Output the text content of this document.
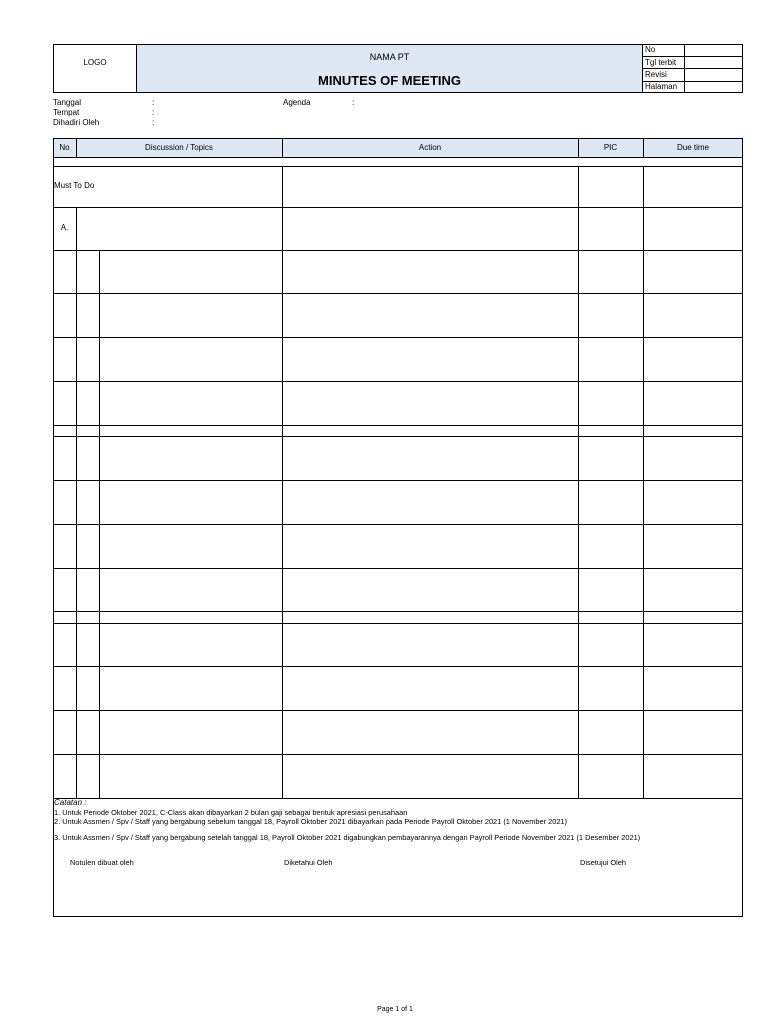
LOGO
NAMA PT
MINUTES OF MEETING
No
Tgl terbit
Revisi
Halaman
Tanggal	:	Agenda	:
Tempat	:
Dihadiri Oleh	:
No	Discussion / Topics	Action	PIC	Due time
Must To Do
A.
Catatan :
1. Untuk Periode Oktober 2021, C-Class akan dibayarkan 2 bulan gaji sebagai bentuk apresiasi perusahaan
2. Untuk Assmen / Spv / Staff yang bergabung sebelum tanggal 18, Payroll Oktober 2021 dibayarkan pada Periode Payroll Oktober 2021 (1 November 2021)
3. Untuk Assmen / Spv / Staff yang bergabung setelah tanggal 18, Payroll Oktober 2021 digabungkan pembayarannya dengan Payroll Periode November 2021 (1 Desember 2021)
Notulen dibuat oleh	Diketahui Oleh	Disetujui Oleh
Page 1 of 1
